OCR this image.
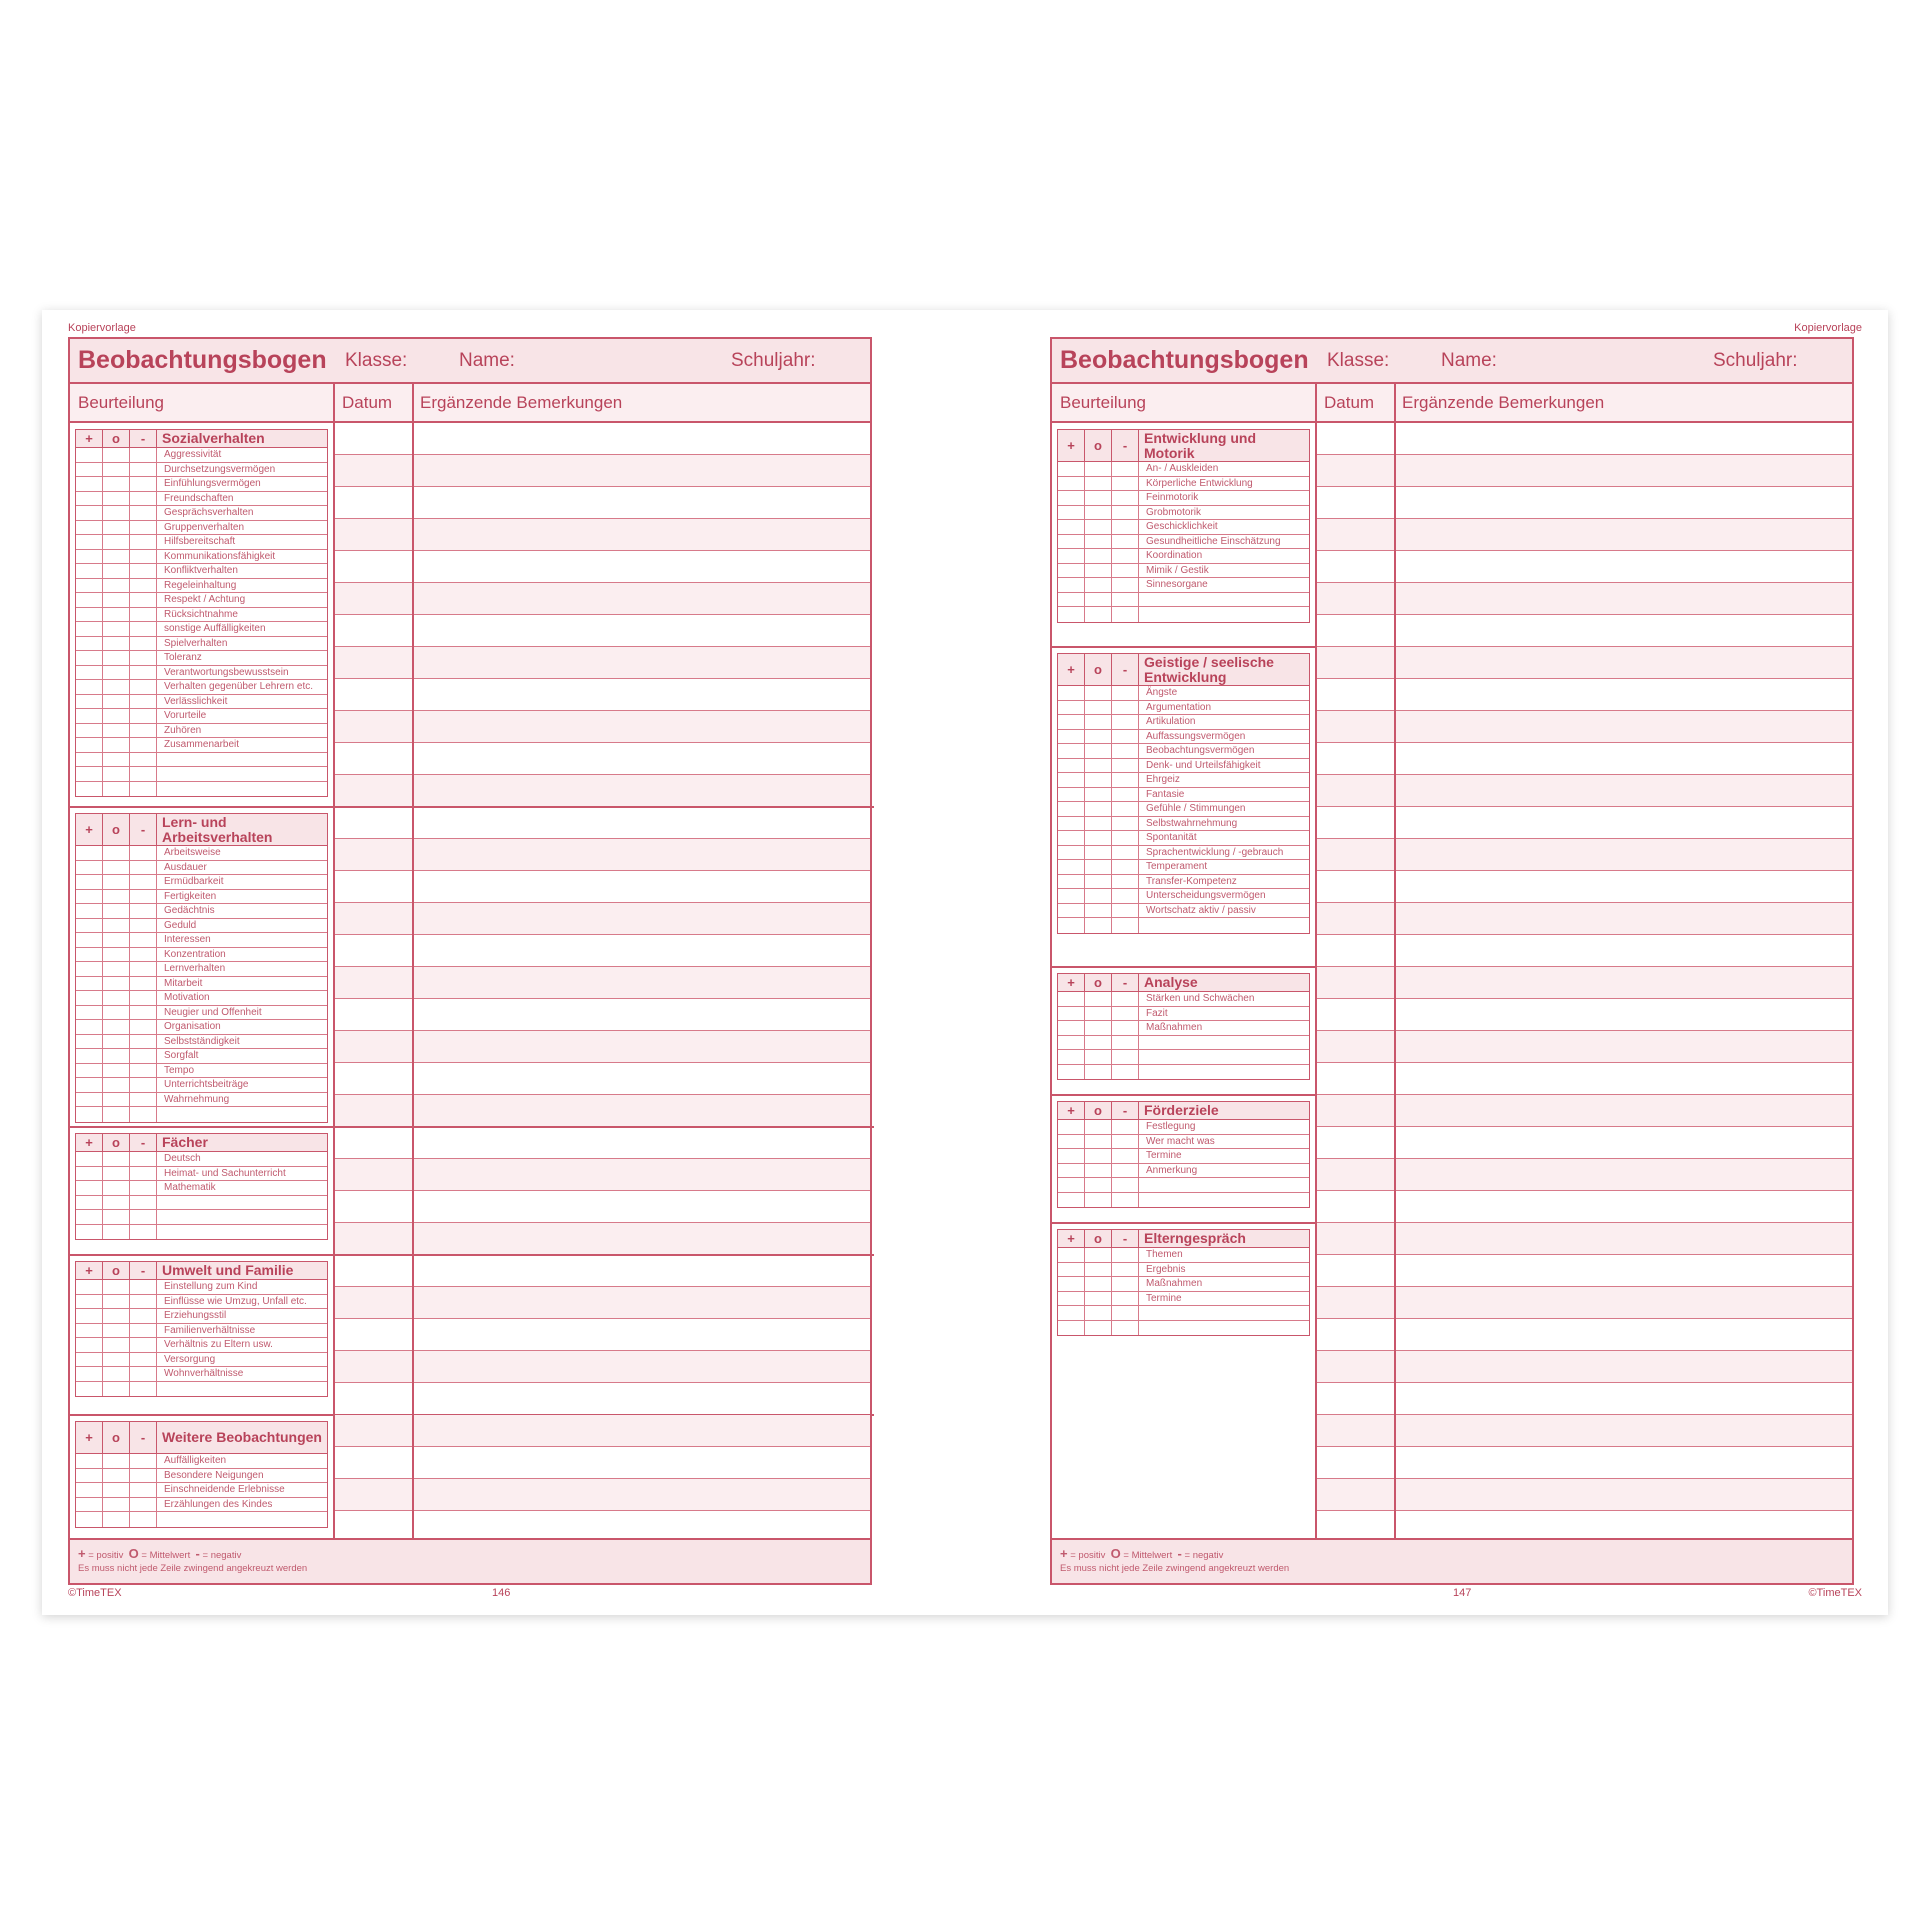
Kopiervorlage
Beobachtungsbogen Klasse:	Name:	Schuljahr:
Beurteilung	Datum Ergänzende Bemerkungen
+	o	-	Sozialverhalten
Aggressivität
Durchsetzungsvermögen
Einfühlungsvermögen
Freundschaften
Gesprächsverhalten
Gruppenverhalten
Hilfsbereitschaft
Kommunikationsfähigkeit
Konfliktverhalten
Regeleinhaltung
Respekt / Achtung
Rücksichtnahme
sonstige Auffälligkeiten
Spielverhalten
Toleranz
Verantwortungsbewusstsein
Verhalten gegenüber Lehrern etc.
Verlässlichkeit
Vorurteile
Zuhören
Zusammenarbeit
+	o	-	Lern- und Arbeitsverhalten
Arbeitsweise
Ausdauer
Ermüdbarkeit
Fertigkeiten
Gedächtnis
Geduld
Interessen
Konzentration
Lernverhalten
Mitarbeit
Motivation
Neugier und Offenheit
Organisation
Selbstständigkeit
Sorgfalt
Tempo
Unterrichtsbeiträge
Wahrnehmung
+	o	-	Fächer
Deutsch
Heimat- und Sachunterricht
Mathematik
+	o	-	Umwelt und Familie
Einstellung zum Kind
Einflüsse wie Umzug, Unfall etc.
Erziehungsstil
Familienverhältnisse
Verhältnis zu Eltern usw.
Versorgung
Wohnverhältnisse
+	o	-	Weitere Beobachtungen
Auffälligkeiten
Besondere Neigungen
Einschneidende Erlebnisse
Erzählungen des Kindes
+ = positiv O = Mittelwert - = negativ
Es muss nicht jede Zeile zwingend angekreuzt werden
©TimeTEX	146
Kopiervorlage
Beobachtungsbogen Klasse:	Name:	Schuljahr:
Beurteilung	Datum Ergänzende Bemerkungen
+	o	-	Entwicklung und Motorik
An- / Auskleiden
Körperliche Entwicklung
Feinmotorik
Grobmotorik
Geschicklichkeit
Gesundheitliche Einschätzung
Koordination
Mimik / Gestik
Sinnesorgane
+	o	-	Geistige / seelische Entwicklung
Ängste
Argumentation
Artikulation
Auffassungsvermögen
Beobachtungsvermögen
Denk- und Urteilsfähigkeit
Ehrgeiz
Fantasie
Gefühle / Stimmungen
Selbstwahrnehmung
Spontanität
Sprachentwicklung / -gebrauch
Temperament
Transfer-Kompetenz
Unterscheidungsvermögen
Wortschatz aktiv / passiv
+	o	-	Analyse
Stärken und Schwächen
Fazit
Maßnahmen
+	o	-	Förderziele
Festlegung
Wer macht was
Termine
Anmerkung
+	o	-	Elterngespräch
Themen
Ergebnis
Maßnahmen
Termine
+ = positiv O = Mittelwert - = negativ
Es muss nicht jede Zeile zwingend angekreuzt werden
147	©TimeTEX
